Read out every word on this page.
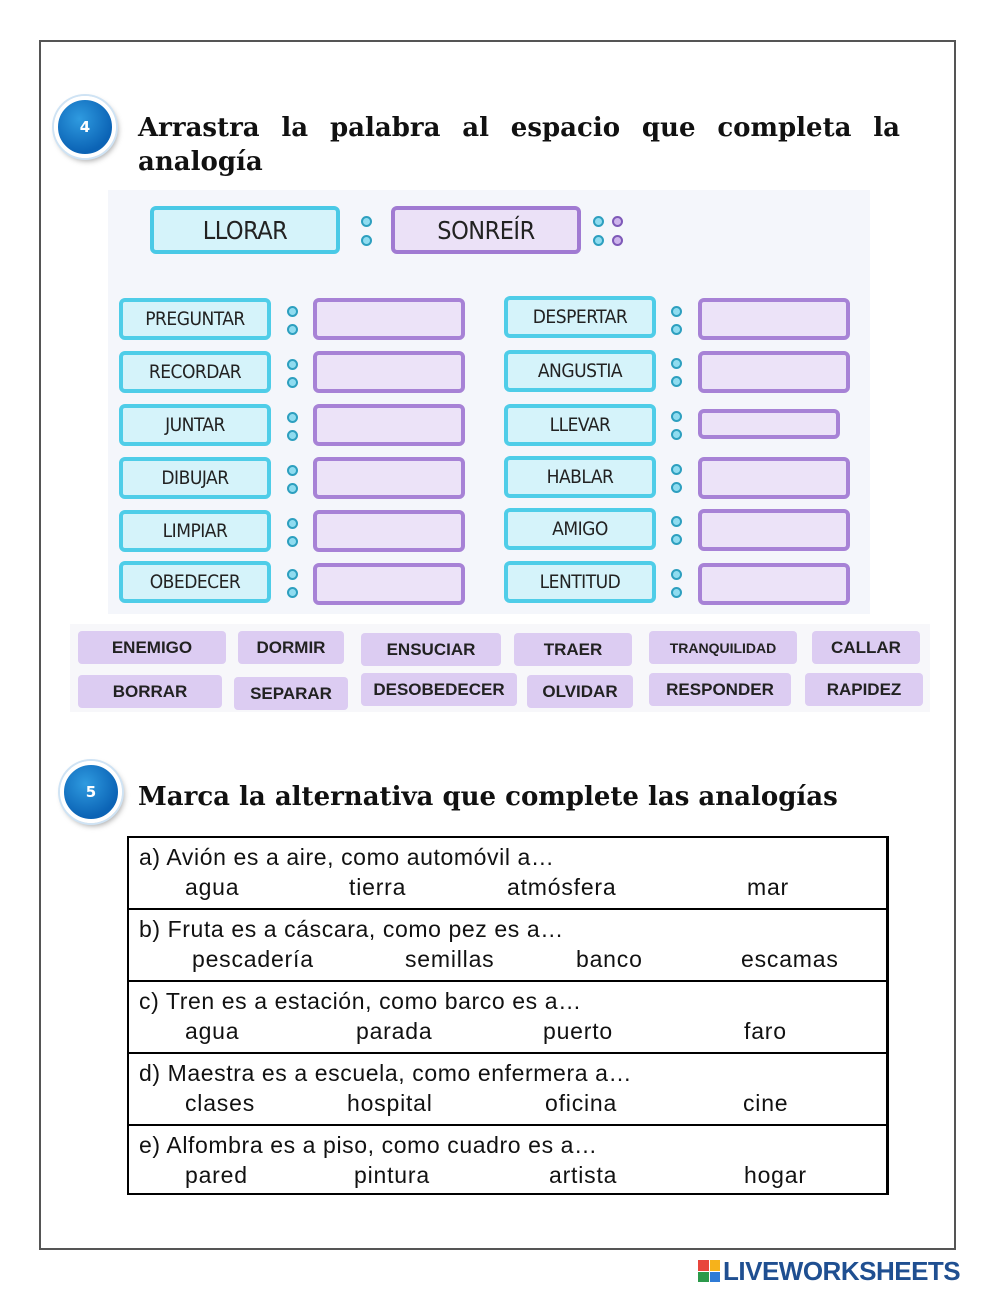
4	Arrastra la palabra al espacio que completa la analogía
LLORAR	SONREÍR
PREGUNTAR
RECORDAR
JUNTAR
DIBUJAR
LIMPIAR
OBEDECER
DESPERTAR
ANGUSTIA
LLEVAR
HABLAR
AMIGO
LENTITUD
ENEMIGO	DORMIR	ENSUCIAR	TRAER	TRANQUILIDAD	CALLAR
BORRAR	SEPARAR	DESOBEDECER	OLVIDAR	RESPONDER	RAPIDEZ
5	Marca la alternativa que complete las analogías
a) Avión es a aire, como automóvil a…
agua	tierra	atmósfera	mar
b) Fruta es a cáscara, como pez es a…
pescadería	semillas	banco	escamas
c) Tren es a estación, como barco es a…
agua	parada	puerto	faro
d) Maestra es a escuela, como enfermera a…
clases	hospital	oficina	cine
e) Alfombra es a piso, como cuadro es a…
pared	pintura	artista	hogar
LIVEWORKSHEETS
